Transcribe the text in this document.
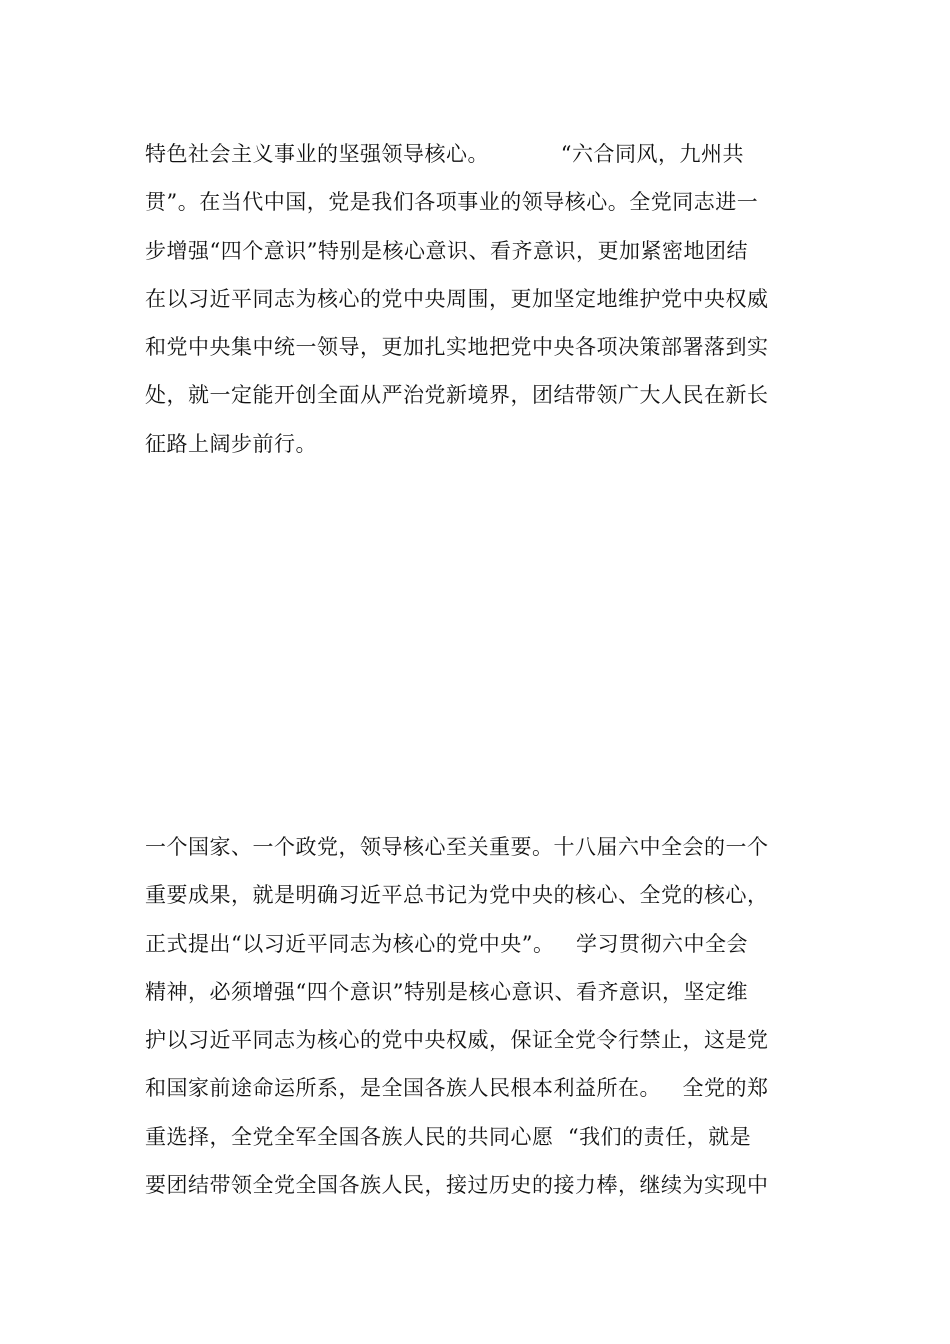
特色社会主义事业的坚强领导核心。          “六合同风，九州共
贯”。在当代中国，党是我们各项事业的领导核心。全党同志进一
步增强“四个意识”特别是核心意识、看齐意识，更加紧密地团结
在以习近平同志为核心的党中央周围，更加坚定地维护党中央权威
和党中央集中统一领导，更加扎实地把党中央各项决策部署落到实
处，就一定能开创全面从严治党新境界，团结带领广大人民在新长
征路上阔步前行。
一个国家、一个政党，领导核心至关重要。十八届六中全会的一个
重要成果，就是明确习近平总书记为党中央的核心、全党的核心，
正式提出“以习近平同志为核心的党中央”。   学习贯彻六中全会
精神，必须增强“四个意识”特别是核心意识、看齐意识，坚定维
护以习近平同志为核心的党中央权威，保证全党令行禁止，这是党
和国家前途命运所系，是全国各族人民根本利益所在。   全党的郑
重选择，全党全军全国各族人民的共同心愿  “我们的责任，就是
要团结带领全党全国各族人民，接过历史的接力棒，继续为实现中
